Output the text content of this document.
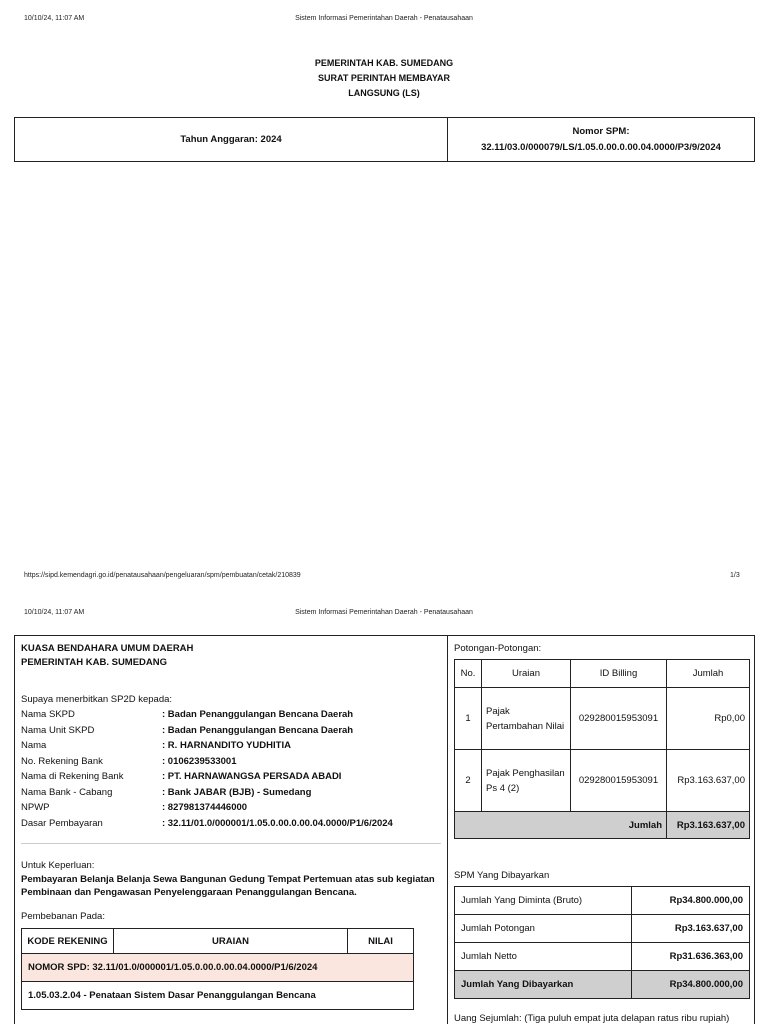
10/10/24, 11:07 AM	Sistem Informasi Pemerintahan Daerah - Penatausahaan
PEMERINTAH KAB. SUMEDANG
SURAT PERINTAH MEMBAYAR
LANGSUNG (LS)
Tahun Anggaran: 2024
Nomor SPM:
32.11/03.0/000079/LS/1.05.0.00.0.00.04.0000/P3/9/2024
https://sipd.kemendagri.go.id/penatausahaan/pengeluaran/spm/pembuatan/cetak/210839	1/3
10/10/24, 11:07 AM	Sistem Informasi Pemerintahan Daerah - Penatausahaan
KUASA BENDAHARA UMUM DAERAH
PEMERINTAH KAB. SUMEDANG
Supaya menerbitkan SP2D kepada:
Nama SKPD	: Badan Penanggulangan Bencana Daerah
Nama Unit SKPD	: Badan Penanggulangan Bencana Daerah
Nama	: R. HARNANDITO YUDHITIA
No. Rekening Bank	: 0106239533001
Nama di Rekening Bank	: PT. HARNAWANGSA PERSADA ABADI
Nama Bank - Cabang	: Bank JABAR (BJB) - Sumedang
NPWP	: 827981374446000
Dasar Pembayaran	: 32.11/01.0/000001/1.05.0.00.0.00.04.0000/P1/6/2024
Untuk Keperluan:
Pembayaran Belanja Belanja Sewa Bangunan Gedung Tempat Pertemuan atas sub kegiatan Pembinaan dan Pengawasan Penyelenggaraan Penanggulangan Bencana.
Pembebanan Pada:
KODE REKENING	URAIAN	NILAI
NOMOR SPD: 32.11/01.0/000001/1.05.0.00.0.00.04.0000/P1/6/2024
1.05.03.2.04 - Penataan Sistem Dasar Penanggulangan Bencana
Potongan-Potongan:
No.	Uraian	ID Billing	Jumlah
1	Pajak Pertambahan Nilai	029280015953091	Rp0,00
2	Pajak Penghasilan Ps 4 (2)	029280015953091	Rp3.163.637,00
Jumlah			Rp3.163.637,00
SPM Yang Dibayarkan
Jumlah Yang Diminta (Bruto)	Rp34.800.000,00
Jumlah Potongan	Rp3.163.637,00
Jumlah Netto	Rp31.636.363,00
Jumlah Yang Dibayarkan	Rp34.800.000,00
Uang Sejumlah: (Tiga puluh empat juta delapan ratus ribu rupiah)
